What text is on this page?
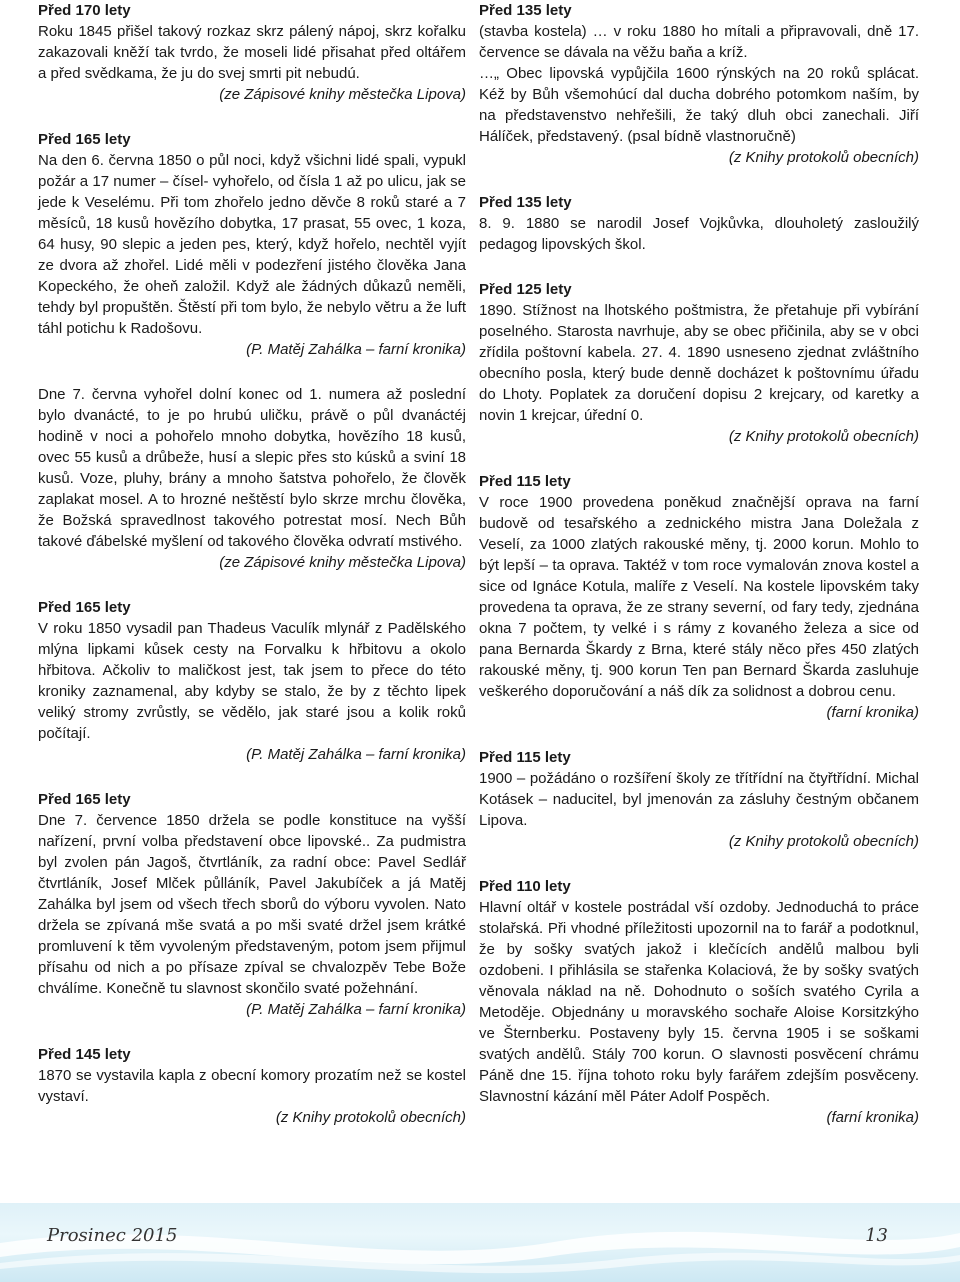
Před 170 lety

Roku 1845 přišel takový rozkaz skrz pálený nápoj, skrz kořalku zakazovali kněží tak tvrdo, že moseli lidé přisahat před oltářem a před svědkama, že ju do svej smrti pit nebudú.

(ze Zápisové knihy městečka Lipova)
Před 165 lety

Na den 6. června 1850 o půl noci, když všichni lidé spali, vypukl požár a 17 numer – čísel- vyhořelo, od čísla 1 až po ulicu, jak se jede k Veselému. Při tom zhořelo jedno děvče 8 roků staré a 7 měsíců, 18 kusů hovězího dobytka, 17 prasat, 55 ovec, 1 koza, 64 husy, 90 slepic a jeden pes, který, když hořelo, nechtěl vyjít ze dvora až zhořel. Lidé měli v podezření jistého člověka Jana Kopeckého, že oheň založil. Když ale žádných důkazů neměli, tehdy byl propuštěn. Štěstí při tom bylo, že nebylo větru a že luft táhl potichu k Radošovu.

(P. Matěj Zahálka – farní kronika)

Dne 7. června vyhořel dolní konec od 1. numera až poslední bylo dvanácté, to je po hrubú uličku, právě o půl dvanáctéj hodině v noci a pohořelo mnoho dobytka, hovězího 18 kusů, ovec 55 kusů a drůbeže, husí a slepic přes sto kúsků a sviní 18 kusů. Voze, pluhy, brány a mnoho šatstva pohořelo, že člověk zaplakat mosel. A to hrozné neštěstí bylo skrze mrchu člověka, že Božská spravedlnost takového potrestat mosí. Nech Bůh takové ďábelské myšlení od takového člověka odvratí mstivého.

(ze Zápisové knihy městečka Lipova)
Před 165 lety

V roku 1850 vysadil pan Thadeus Vaculík mlynář z Padělského mlýna lipkami kůsek cesty na Forvalku k hřbitovu a okolo hřbitova. Ačkoliv to maličkost jest, tak jsem to přece do této kroniky zaznamenal, aby kdyby se stalo, že by z těchto lipek veliký stromy zvrůstly, se vědělo, jak staré jsou a kolik roků počítají.

(P. Matěj Zahálka – farní kronika)
Před 165 lety

Dne 7. července 1850 držela se podle konstituce na vyšší nařízení, první volba představení obce lipovské.. Za pudmistra byl zvolen pán Jagoš, čtvrtláník, za radní obce: Pavel Sedlář čtvrtláník, Josef Mlček půlláník, Pavel Jakubíček a já Matěj Zahálka byl jsem od všech třech sborů do výboru vyvolen. Nato držela se zpívaná mše svatá a po mši svaté držel jsem krátké promluvení k těm vyvoleným představeným, potom jsem přijmul přísahu od nich a po přísaze zpíval se chvalozpěv Tebe Bože chválíme. Konečně tu slavnost skončilo svaté požehnání.

(P. Matěj Zahálka – farní kronika)
Před 145 lety

1870 se vystavila kapla z obecní komory prozatím než se kostel vystaví.

(z Knihy protokolů obecních)
Před 135 lety

(stavba kostela) … v roku 1880 ho mítali a připravovali, dně 17. července se dávala na věžu baňa a kríž.

…„ Obec lipovská vypůjčila 1600 rýnských na 20 roků splácat. Kéž by Bůh všemohúcí dal ducha dobrého potomkom naším, by na představenstvo nehřešili, že taký dluh obci zanechali. Jiří Hálíček, představený. (psal bídně vlastnoručně)

(z Knihy protokolů obecních)
Před 135 lety

8. 9. 1880 se narodil Josef Vojkůvka, dlouholetý zasloužilý pedagog lipovských škol.

Před 125 lety

1890. Stížnost na lhotského poštmistra, že přetahuje při vybírání poselného. Starosta navrhuje, aby se obec přičinila, aby se v obci zřídila poštovní kabela. 27. 4. 1890 usneseno zjednat zvláštního obecního posla, který bude denně docházet k poštovnímu úřadu do Lhoty. Poplatek za doručení dopisu 2 krejcary, od karetky a novin 1 krejcar, úřední 0.

(z Knihy protokolů obecních)
Před 115 lety

V roce 1900 provedena poněkud značnější oprava na farní budově od tesařského a zednického mistra Jana Doležala z Veselí, za 1000 zlatých rakouské měny, tj. 2000 korun. Mohlo to být lepší – ta oprava. Taktéž v tom roce vymalován znova kostel a sice od Ignáce Kotula, malíře z Veselí. Na kostele lipovském taky provedena ta oprava, že ze strany severní, od fary tedy, zjednána okna 7 počtem, ty velké i s rámy z kovaného železa a sice od pana Bernarda Škardy z Brna, které stály něco přes 450 zlatých rakouské měny, tj. 900 korun Ten pan Bernard Škarda zasluhuje veškerého doporučování a náš dík za solidnost a dobrou cenu.

(farní kronika)
Před 115 lety

1900 – požádáno o rozšíření školy ze třítřídní na čtyřtřídní. Michal Kotásek – naducitel, byl jmenován za zásluhy čestným občanem Lipova.

(z Knihy protokolů obecních)
Před 110 lety

Hlavní oltář v kostele postrádal vší ozdoby. Jednoduchá to práce stolařská. Při vhodné příležitosti upozornil na to farář a podotknul, že by sošky svatých jakož i klečících andělů malbou byli ozdobeni. I přihlásila se stařenka Kolaciová, že by sošky svatých věnovala náklad na ně. Dohodnuto o soších svatého Cyrila a Metoděje. Objednány u moravského sochaře Aloise Korsitzkýho ve Šternberku. Postaveny byly 15. června 1905 i se soškami svatých andělů. Stály 700 korun. O slavnosti posvěcení chrámu Páně dne 15. října tohoto roku byly farářem zdejším posvěceny. Slavnostní kázání měl Páter Adolf Pospěch.

(farní kronika)
Prosinec 2015	13
